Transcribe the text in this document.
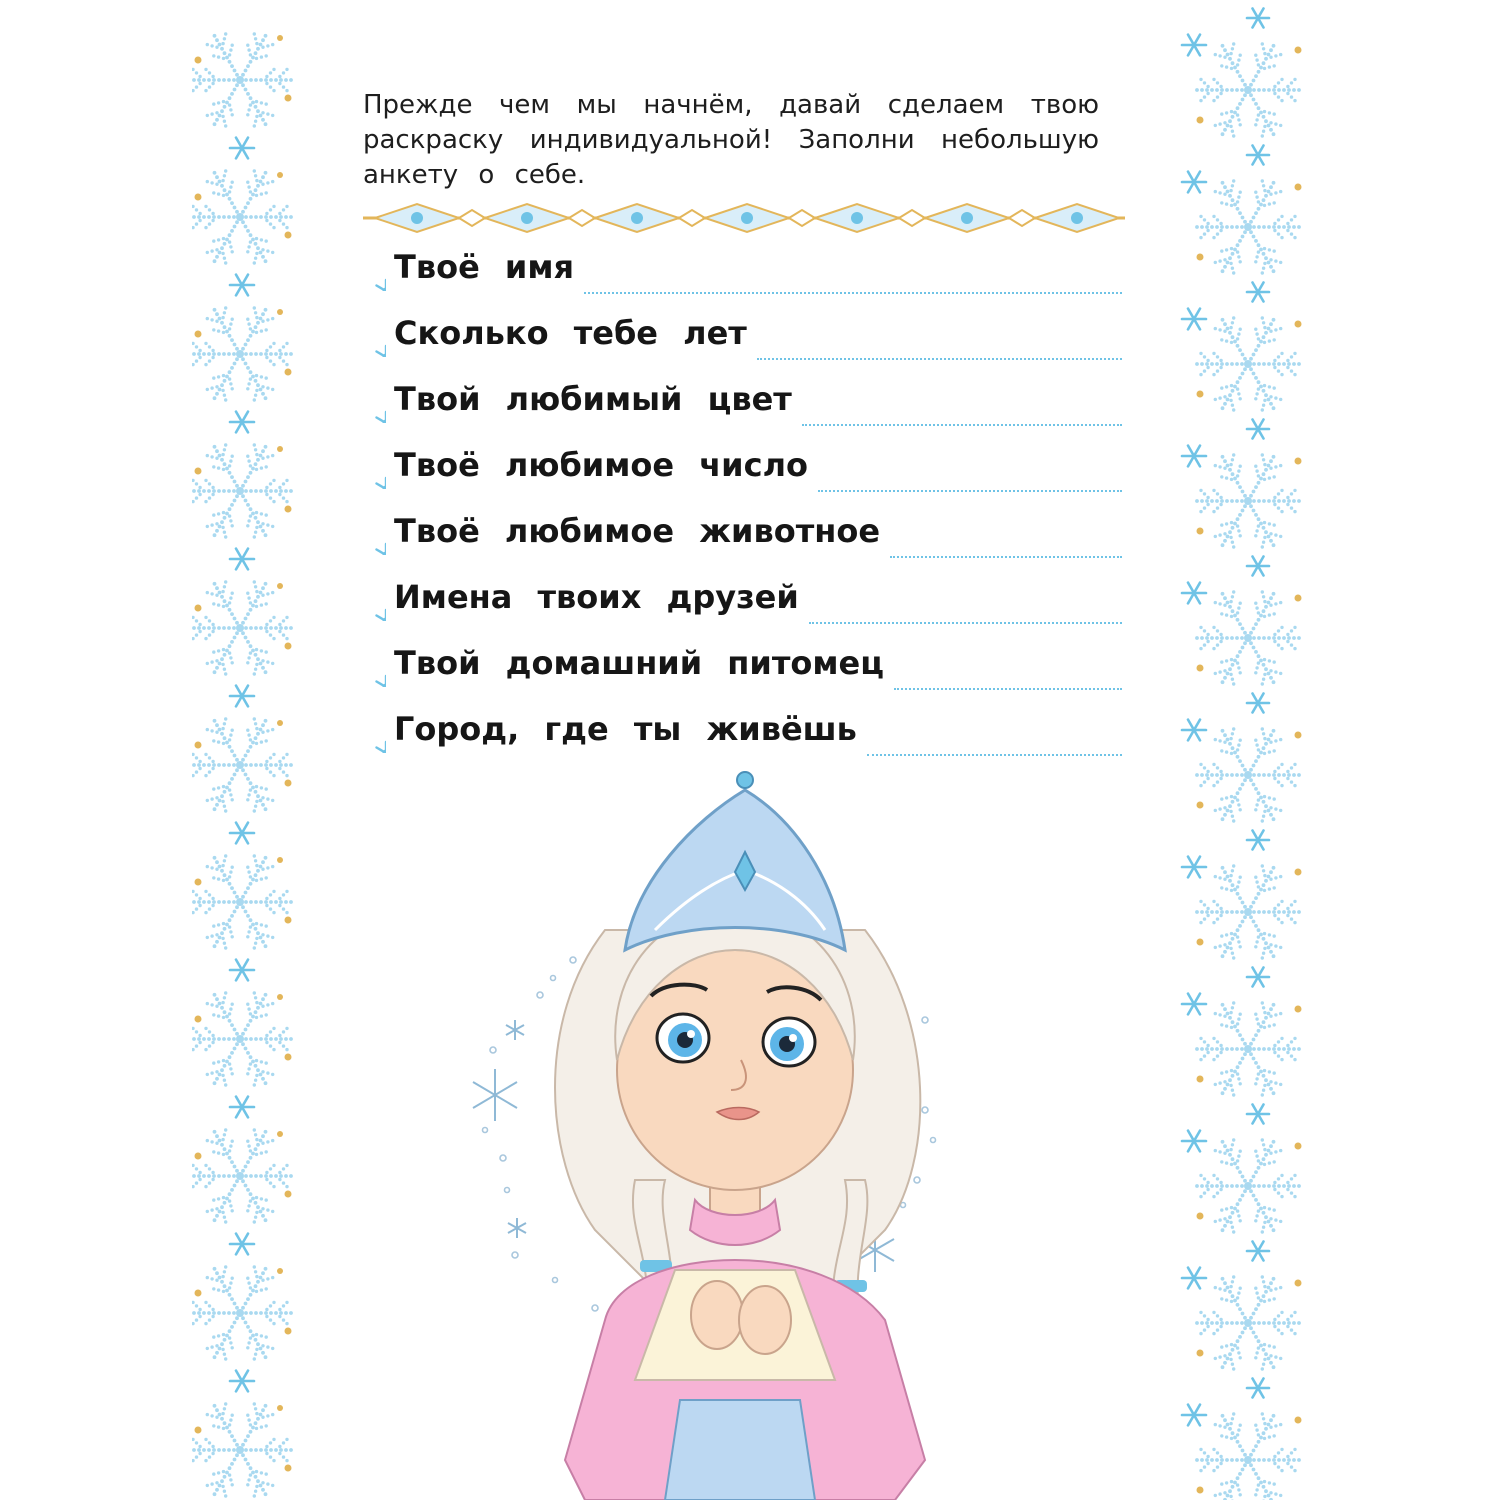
Прежде чем мы начнём, давай сделаем твою раскраску индивидуальной! Заполни небольшую анкету о себе.
Твоё имя
Сколько тебе лет
Твой любимый цвет
Твоё любимое число
Твоё любимое животное
Имена твоих друзей
Твой домашний питомец
Город, где ты живёшь
